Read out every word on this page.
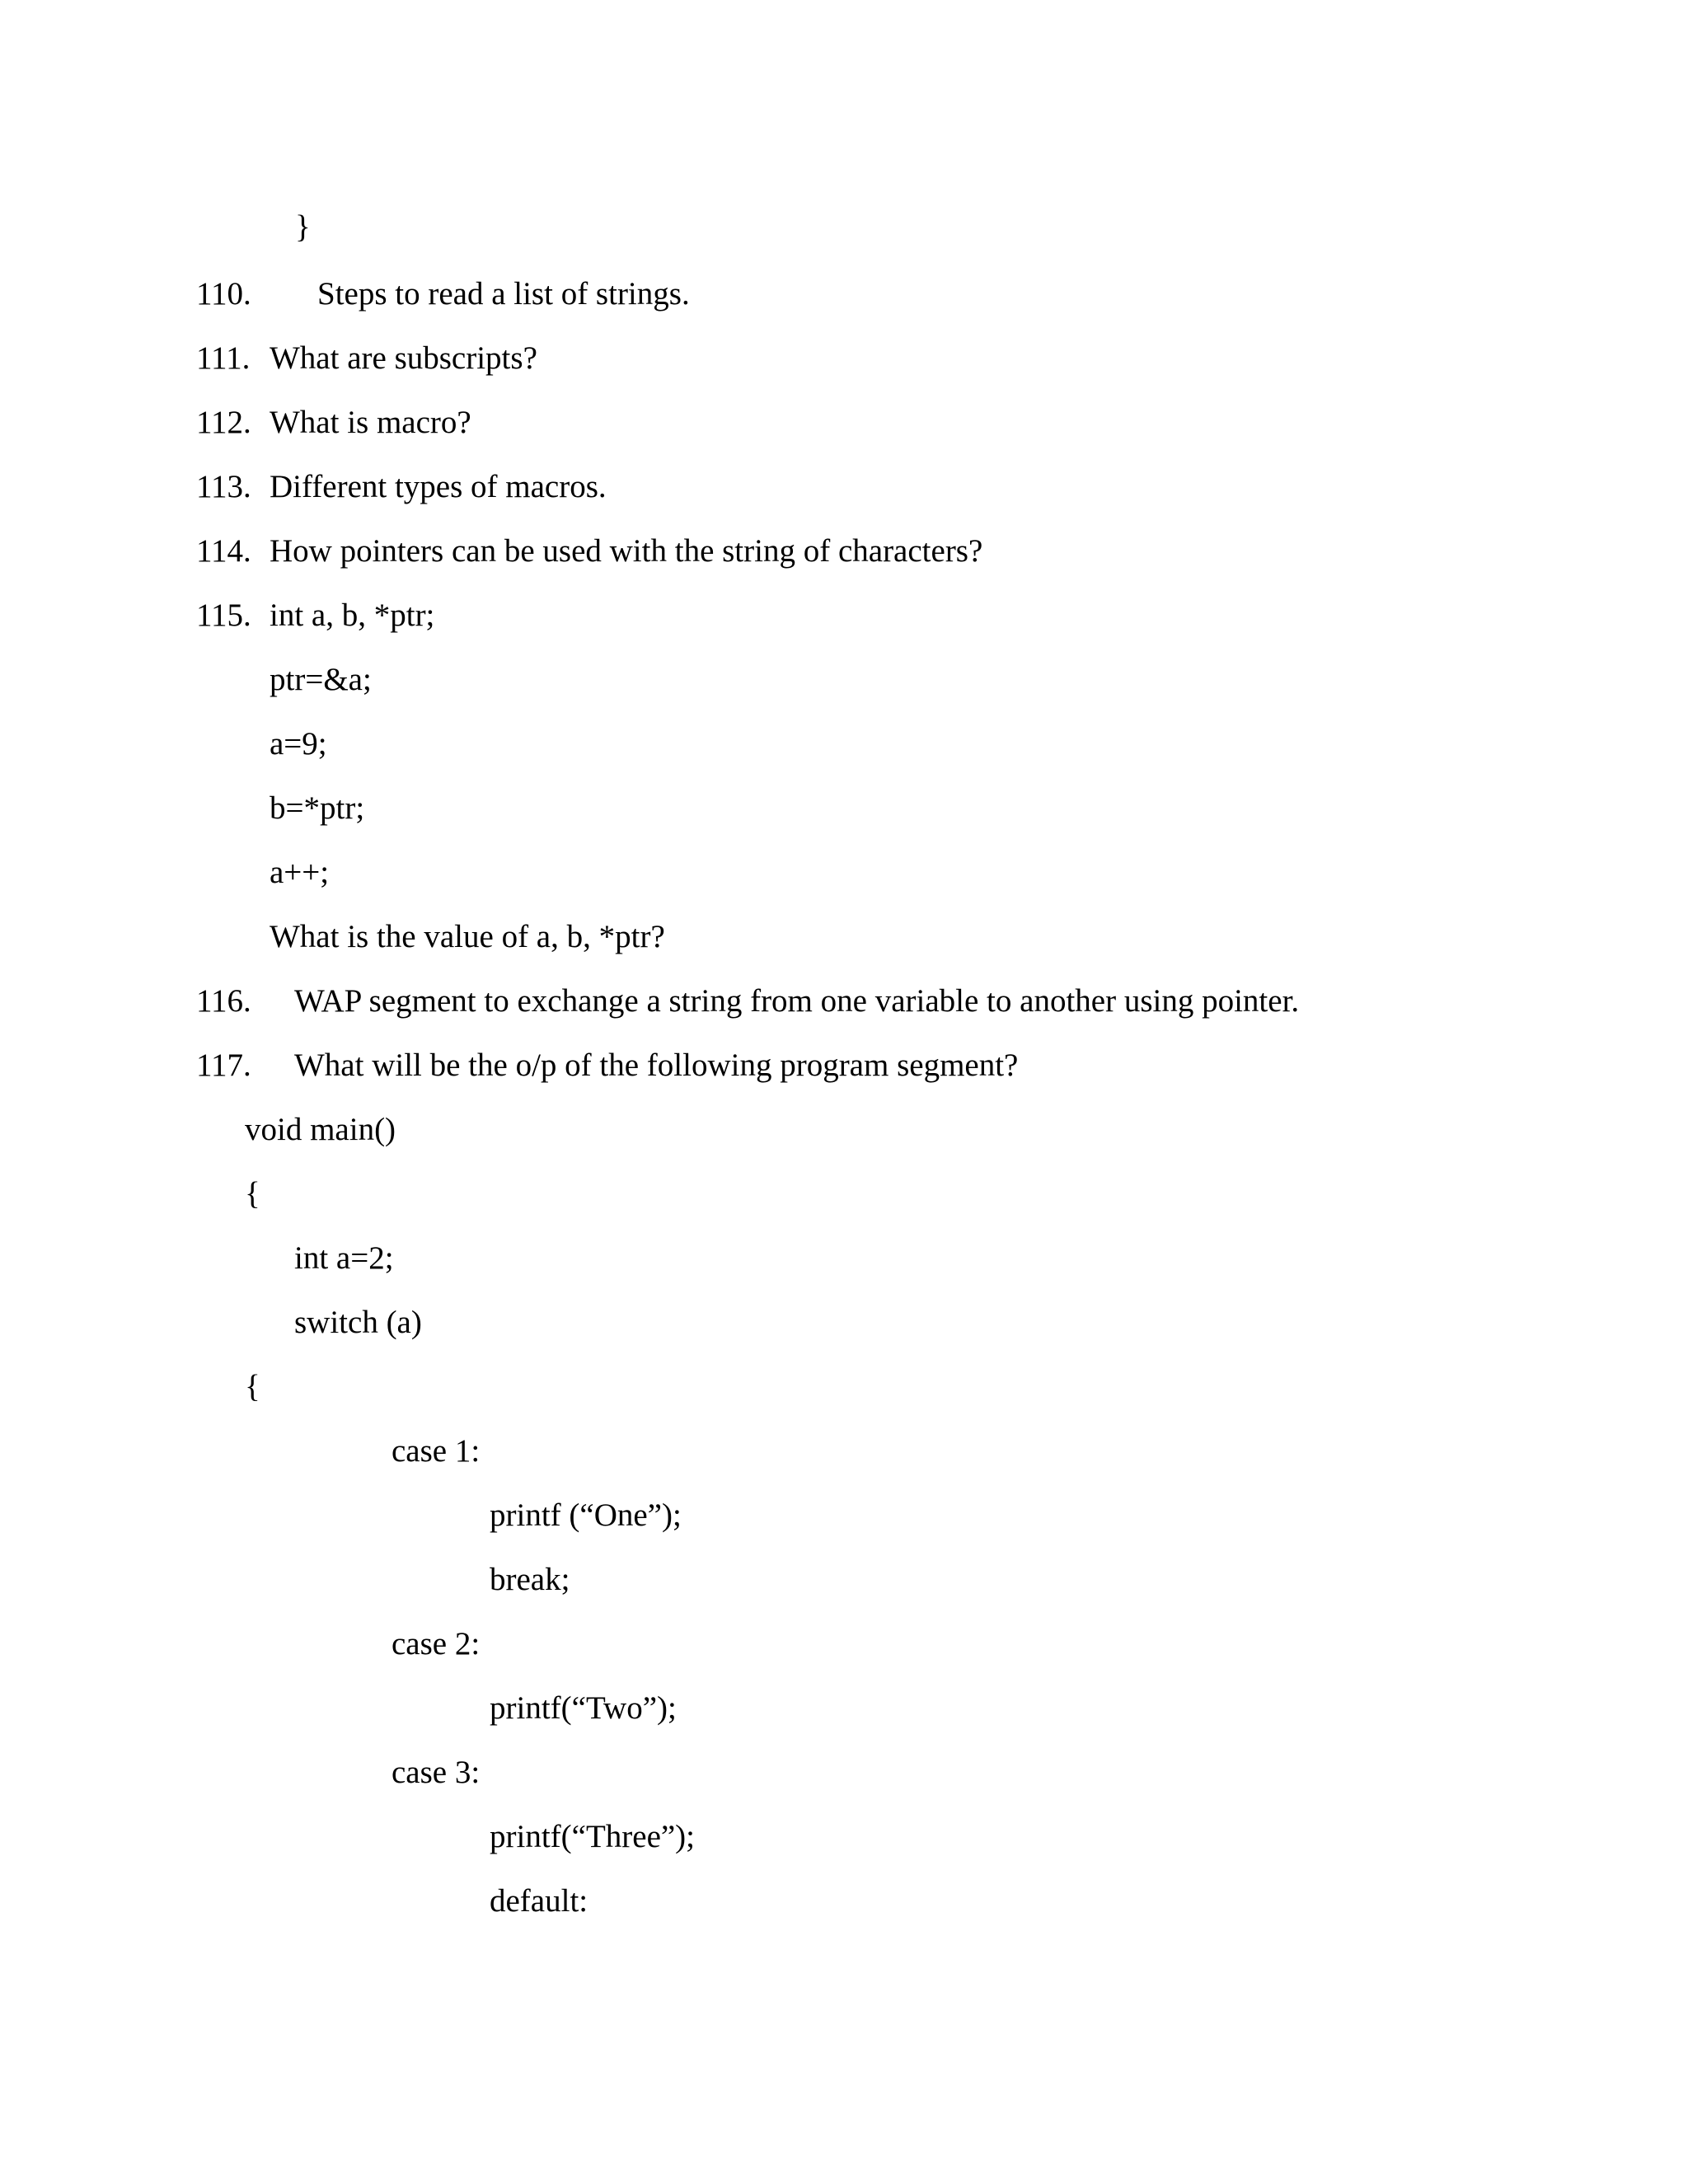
}
110. Steps to read a list of strings.
111. What are subscripts?
112. What is macro?
113. Different types of macros.
114. How pointers can be used with the string of characters?
115. int a, b, *ptr;
ptr=&a;
a=9;
b=*ptr;
a++;
What is the value of a, b, *ptr?
116. WAP segment to exchange a string from one variable to another using pointer.
117. What will be the o/p of the following program segment?
void main()
{
int a=2;
switch (a)
{
case 1:
printf (“One”);
break;
case 2:
printf(“Two”);
case 3:
printf(“Three”);
default:
